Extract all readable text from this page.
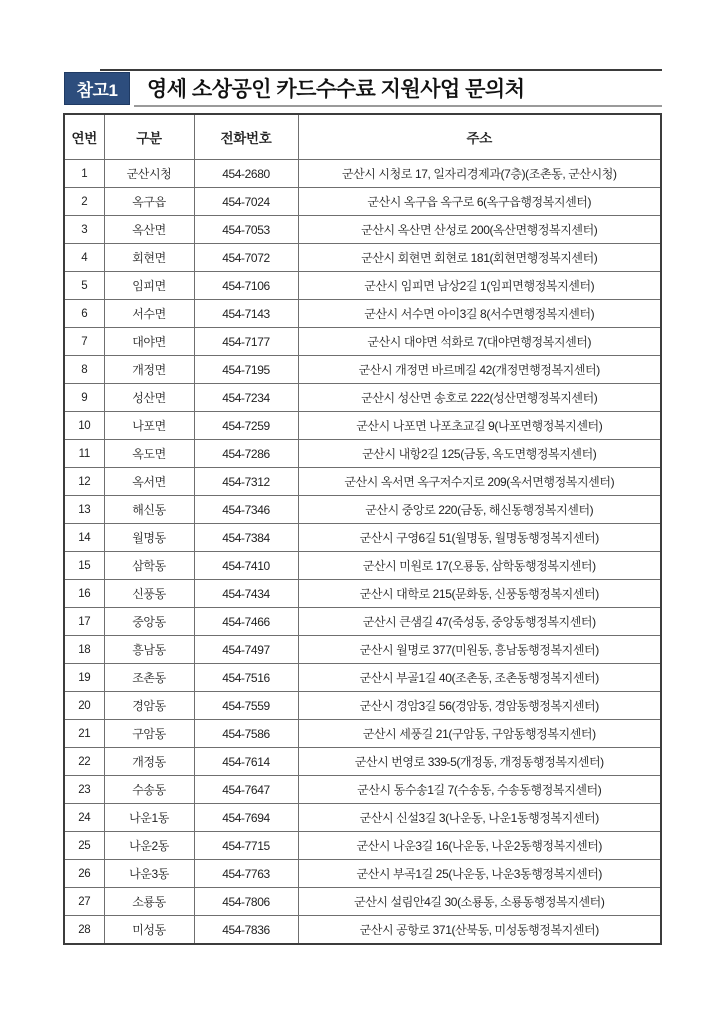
참고1	영세 소상공인 카드수수료 지원사업 문의처
연번	구분	전화번호	주소
1	군산시청	454-2680	군산시 시청로 17, 일자리경제과(7층)(조촌동, 군산시청)
2	옥구읍	454-7024	군산시 옥구읍 옥구로 6(옥구읍행정복지센터)
3	옥산면	454-7053	군산시 옥산면 산성로 200(옥산면행정복지센터)
4	회현면	454-7072	군산시 회현면 회현로 181(회현면행정복지센터)
5	임피면	454-7106	군산시 임피면 남상2길 1(임피면행정복지센터)
6	서수면	454-7143	군산시 서수면 아이3길 8(서수면행정복지센터)
7	대야면	454-7177	군산시 대야면 석화로 7(대야면행정복지센터)
8	개정면	454-7195	군산시 개정면 바르메길 42(개정면행정복지센터)
9	성산면	454-7234	군산시 성산면 송호로 222(성산면행정복지센터)
10	나포면	454-7259	군산시 나포면 나포초교길 9(나포면행정복지센터)
11	옥도면	454-7286	군산시 내항2길 125(금동, 옥도면행정복지센터)
12	옥서면	454-7312	군산시 옥서면 옥구저수지로 209(옥서면행정복지센터)
13	해신동	454-7346	군산시 중앙로 220(금동, 해신동행정복지센터)
14	월명동	454-7384	군산시 구영6길 51(월명동, 월명동행정복지센터)
15	삼학동	454-7410	군산시 미원로 17(오룡동, 삼학동행정복지센터)
16	신풍동	454-7434	군산시 대학로 215(문화동, 신풍동행정복지센터)
17	중앙동	454-7466	군산시 큰샘길 47(죽성동, 중앙동행정복지센터)
18	흥남동	454-7497	군산시 월명로 377(미원동, 흥남동행정복지센터)
19	조촌동	454-7516	군산시 부골1길 40(조촌동, 조촌동행정복지센터)
20	경암동	454-7559	군산시 경암3길 56(경암동, 경암동행정복지센터)
21	구암동	454-7586	군산시 세풍길 21(구암동, 구암동행정복지센터)
22	개정동	454-7614	군산시 번영로 339-5(개정동, 개정동행정복지센터)
23	수송동	454-7647	군산시 동수송1길 7(수송동, 수송동행정복지센터)
24	나운1동	454-7694	군산시 신설3길 3(나운동, 나운1동행정복지센터)
25	나운2동	454-7715	군산시 나운3길 16(나운동, 나운2동행정복지센터)
26	나운3동	454-7763	군산시 부곡1길 25(나운동, 나운3동행정복지센터)
27	소룡동	454-7806	군산시 설림안4길 30(소룡동, 소룡동행정복지센터)
28	미성동	454-7836	군산시 공항로 371(산북동, 미성동행정복지센터)
